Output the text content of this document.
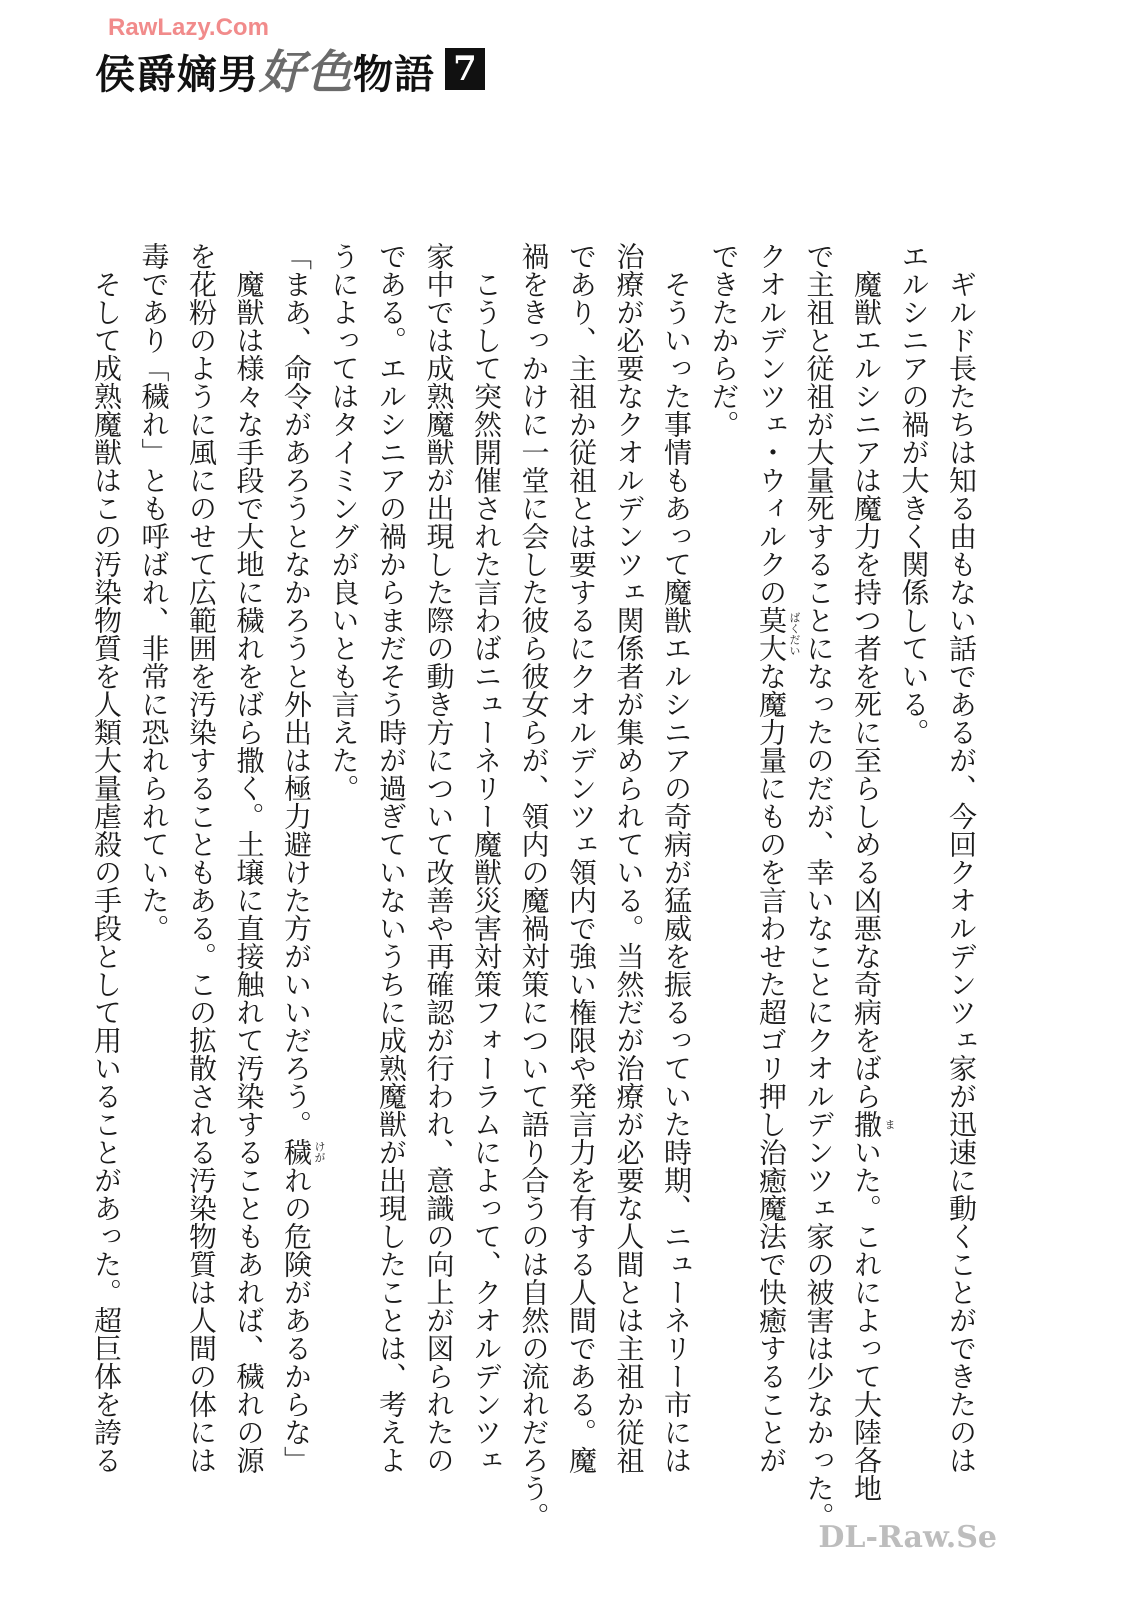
RawLazy.Com
侯爵嫡男好色物語 7
　ギルド長たちは知る由もない話であるが、今回クオルデンツェ家が迅速に動くことができたのは
エルシニアの禍が大きく関係している。
　魔獣エルシニアは魔力を持つ者を死に至らしめる凶悪な奇病をばら撒いた。これによって大陸各地
で主祖と従祖が大量死することになったのだが、幸いなことにクオルデンツェ家の被害は少なかった。
クオルデンツェ・ウィルクの莫大な魔力量にものを言わせた超ゴリ押し治癒魔法で快癒することが
できたからだ。
　そういった事情もあって魔獣エルシニアの奇病が猛威を振るっていた時期、ニューネリー市には
治療が必要なクオルデンツェ関係者が集められている。当然だが治療が必要な人間とは主祖か従祖
であり、主祖か従祖とは要するにクオルデンツェ領内で強い権限や発言力を有する人間である。魔
禍をきっかけに一堂に会した彼ら彼女らが、領内の魔禍対策について語り合うのは自然の流れだろう。
　こうして突然開催された言わばニューネリー魔獣災害対策フォーラムによって、クオルデンツェ
家中では成熟魔獣が出現した際の動き方について改善や再確認が行われ、意識の向上が図られたの
である。エルシニアの禍からまだそう時が過ぎていないうちに成熟魔獣が出現したことは、考えよ
うによってはタイミングが良いとも言えた。
「まあ、命令があろうとなかろうと外出は極力避けた方がいいだろう。穢れの危険があるからな」
　魔獣は様々な手段で大地に穢れをばら撒く。土壌に直接触れて汚染することもあれば、穢れの源
を花粉のように風にのせて広範囲を汚染することもある。この拡散される汚染物質は人間の体には
毒であり「穢れ」とも呼ばれ、非常に恐れられていた。
　そして成熟魔獣はこの汚染物質を人類大量虐殺の手段として用いることがあった。超巨体を誇る
DL-Raw.Se
ま
ばくだい
けが
